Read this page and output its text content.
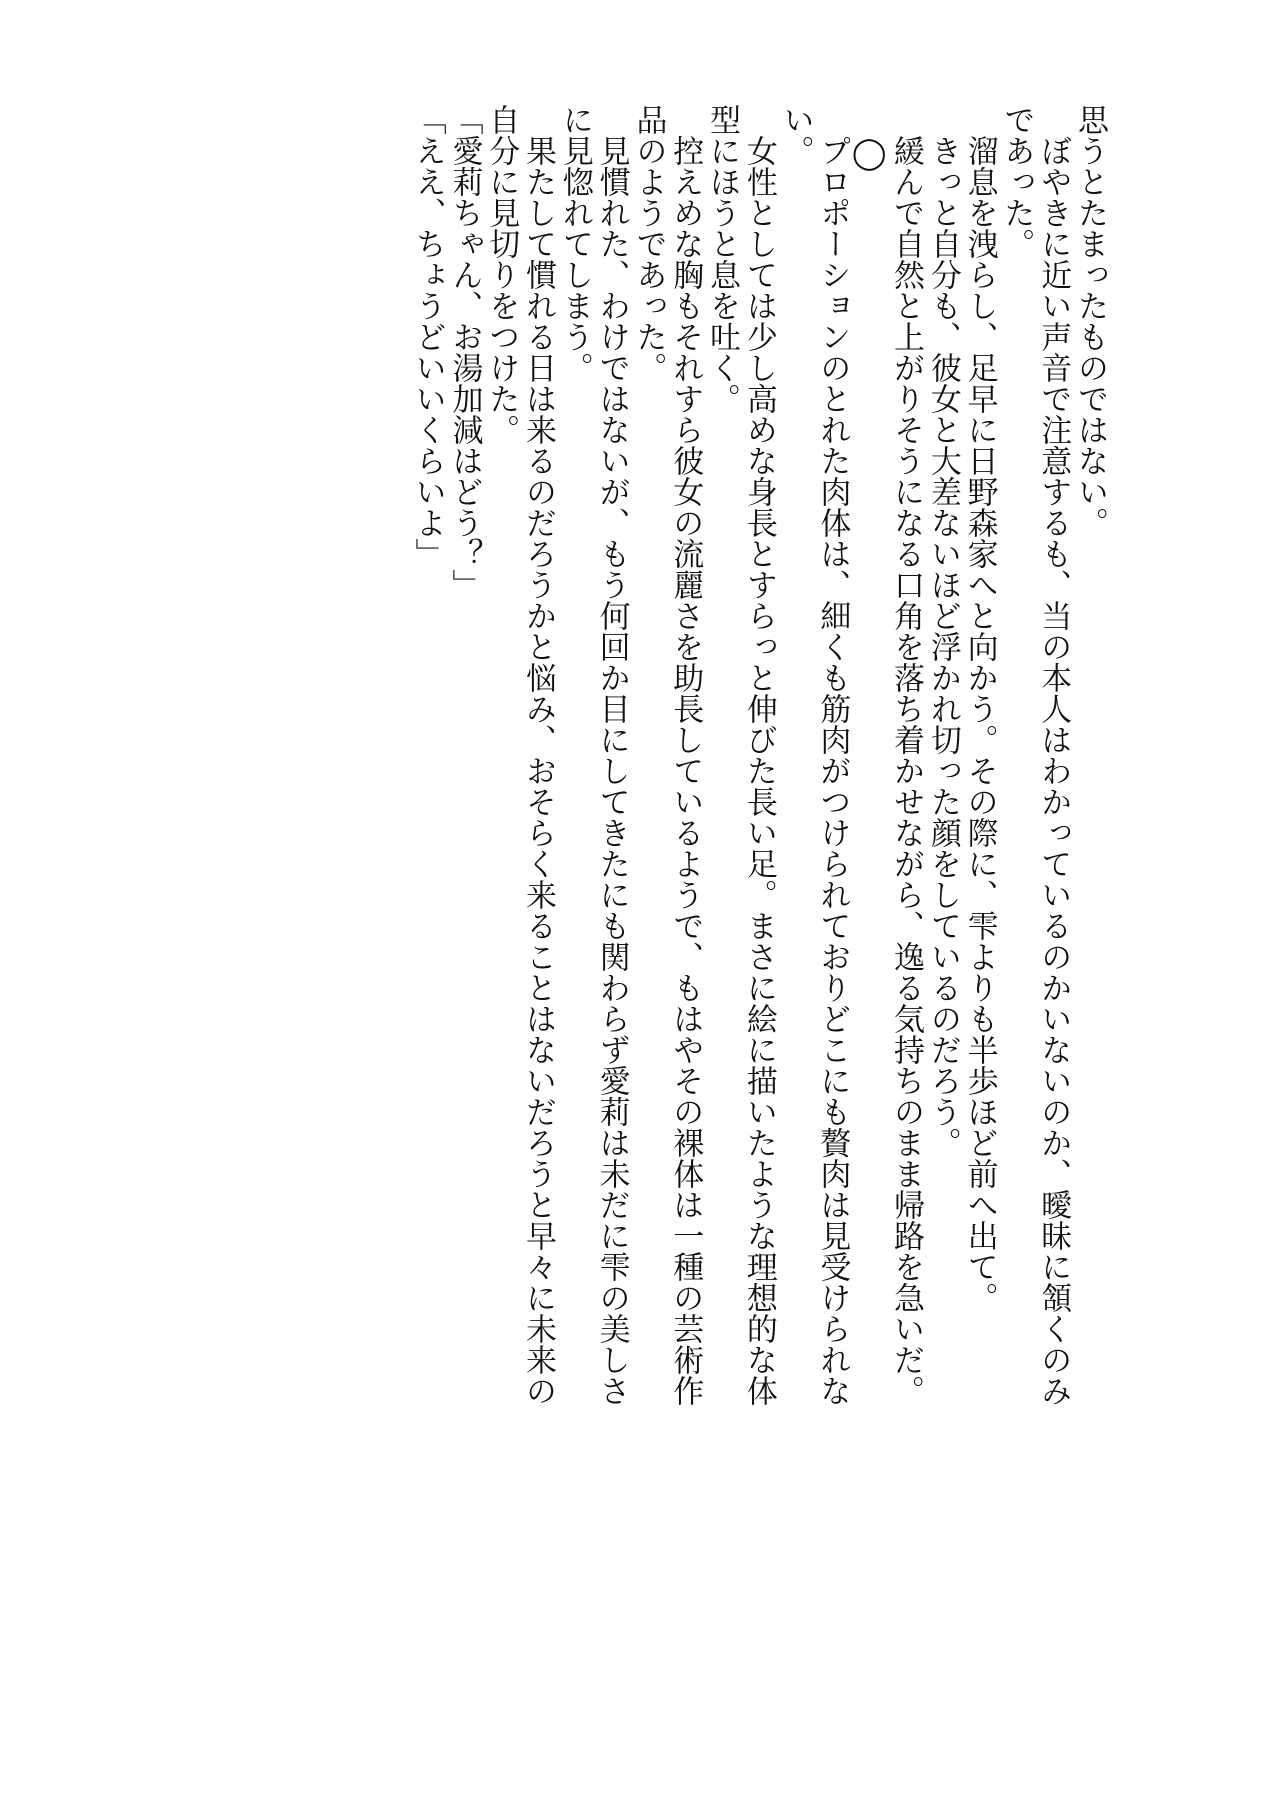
思うとたまったものではない。
　ぼやきに近い声音で注意するも、当の本人はわかっているのかいないのか、曖昧に頷くのみ
であった。
　溜息を洩らし、足早に日野森家へと向かう。その際に、雫よりも半歩ほど前へ出て。
　きっと自分も、彼女と大差ないほど浮かれ切った顔をしているのだろう。
　緩んで自然と上がりそうになる口角を落ち着かせながら、逸る気持ちのまま帰路を急いだ。
◯
　プロポーションのとれた肉体は、細くも筋肉がつけられておりどこにも贅肉は見受けられな
い。
　女性としては少し高めな身長とすらっと伸びた長い足。まさに絵に描いたような理想的な体
型にほうと息を吐く。
　控えめな胸もそれすら彼女の流麗さを助長しているようで、もはやその裸体は一種の芸術作
品のようであった。
　見慣れた、わけではないが、もう何回か目にしてきたにも関わらず愛莉は未だに雫の美しさ
に見惚れてしまう。
　果たして慣れる日は来るのだろうかと悩み、おそらく来ることはないだろうと早々に未来の
自分に見切りをつけた。
「愛莉ちゃん、お湯加減はどう？」
「ええ、ちょうどいいくらいよ」
